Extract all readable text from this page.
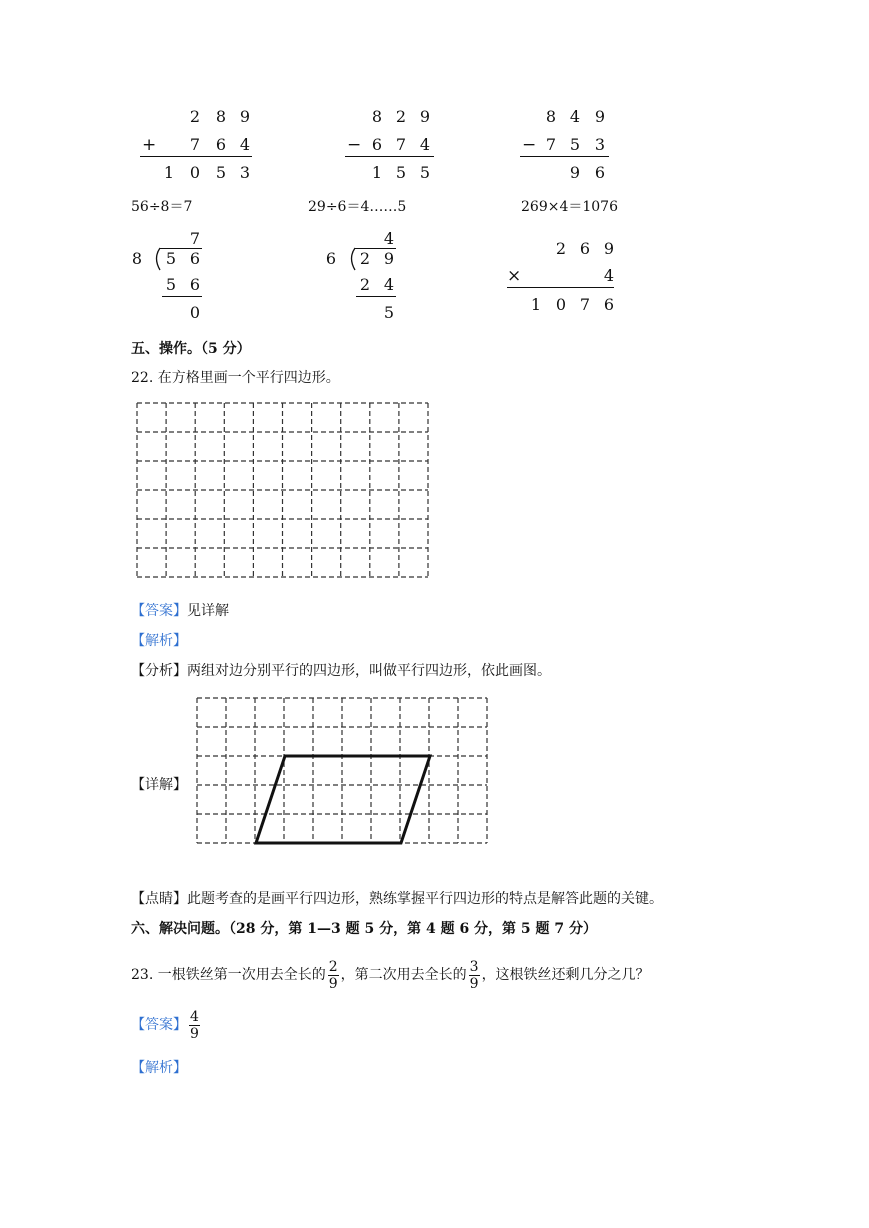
2 8 9
+ 7 6 4
1 0 5 3
8 2 9
− 6 7 4
1 5 5
8 4 9
− 7 5 3
9 6
56÷8＝7	29÷6＝4……5	269×4＝1076
7
8 5 6
5 6
0
4
6 2 9
2 4
5
2 6 9
×	4
1 0 7 6
五、操作。（5 分）
22. 在方格里画一个平行四边形。
【答案】见详解
【解析】
【分析】两组对边分别平行的四边形，叫做平行四边形，依此画图。
【详解】
【点睛】此题考查的是画平行四边形，熟练掌握平行四边形的特点是解答此题的关键。
六、解决问题。（28 分，第 1—3 题 5 分，第 4 题 6 分，第 5 题 7 分）
23. 一根铁丝第一次用去全长的 $\frac{2}{9}$ ，第二次用去全长的 $\frac{3}{9}$ ，这根铁丝还剩几分之几？
【答案】 $\frac{4}{9}$
【解析】
